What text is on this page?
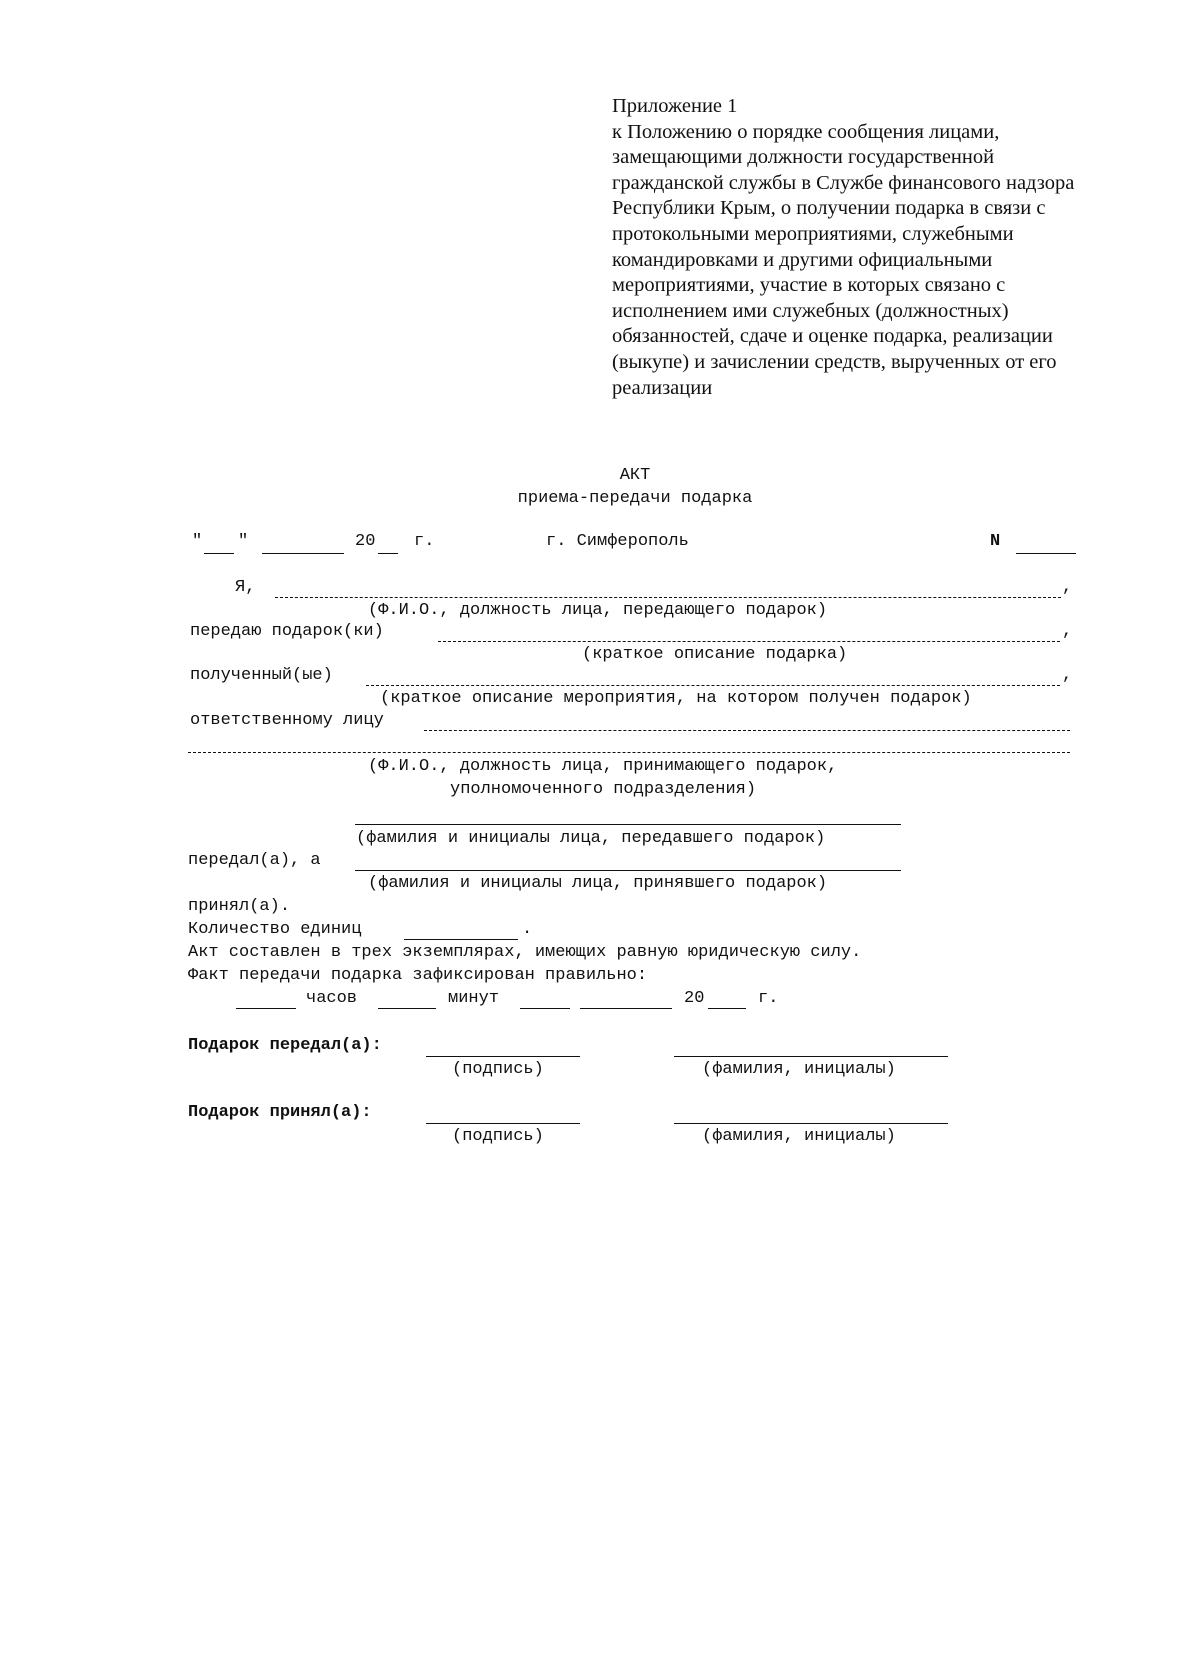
Приложение 1
к Положению о порядке сообщения лицами,
замещающими должности государственной
гражданской службы в Службе финансового надзора
Республики Крым, о получении подарка в связи с
протокольными мероприятиями, служебными
командировками и другими официальными
мероприятиями, участие в которых связано с
исполнением ими служебных (должностных)
обязанностей, сдаче и оценке подарка, реализации
(выкупе) и зачислении средств, вырученных от его
реализации
АКТ
приема-передачи подарка
" "	20 г.	г. Симферополь	N
Я,	,
(Ф.И.О., должность лица, передающего подарок)
передаю подарок(ки)	,
(краткое описание подарка)
полученный(ые)	,
(краткое описание мероприятия, на котором получен подарок)
ответственному лицу
(Ф.И.О., должность лица, принимающего подарок,
уполномоченного подразделения)
(фамилия и инициалы лица, передавшего подарок)
передал(а), а
(фамилия и инициалы лица, принявшего подарок)
принял(а).
Количество единиц	.
Акт составлен в трех экземплярах, имеющих равную юридическую силу.
Факт передачи подарка зафиксирован правильно:
часов	минут	20	г.
Подарок передал(а):
(подпись)	(фамилия, инициалы)
Подарок принял(а):
(подпись)	(фамилия, инициалы)
